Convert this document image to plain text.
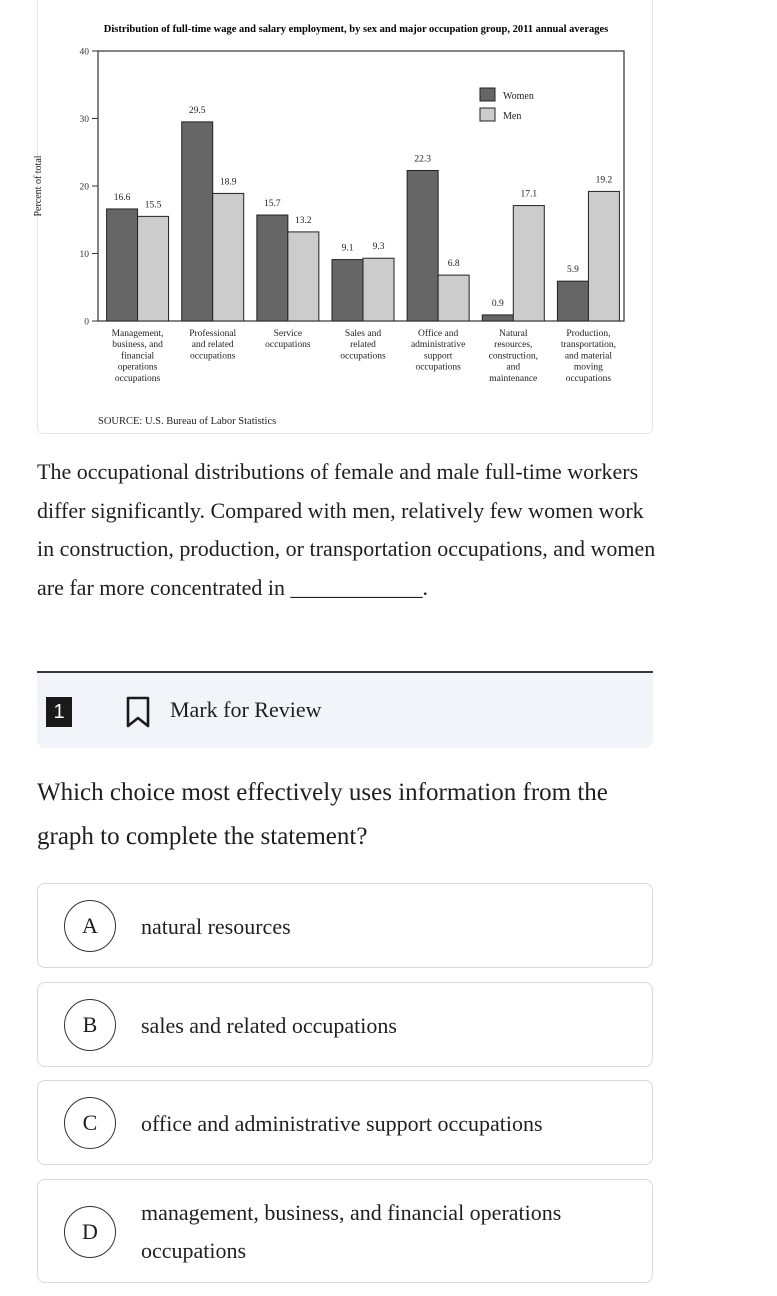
Distribution of full-time wage and salary employment, by sex and major occupation group, 2011 annual averages
0
10
20
30
40
Percent of total	16.6
29.5
15.7
9.1
22.3
0.9
5.9
15.5
18.9
13.2
9.3
6.8
17.1
19.2
Management,
business, and
financial
operations
occupations
Professional
and related
occupations
Service
occupations
Sales and
related
occupations
Office and
administrative
support
occupations
Natural
resources,
construction,
and
maintenance
Production,
transportation,
and material
moving
occupations
Women
Men
SOURCE: U.S. Bureau of Labor Statistics
The occupational distributions of female and male full-time workers differ significantly. Compared with men, relatively few women work in construction, production, or transportation occupations, and women are far more concentrated in ____________.
1	Mark for Review
Which choice most effectively uses information from the graph to complete the statement?
A	natural resources
B	sales and related occupations
C	office and administrative support occupations
D
management, business, and financial operations occupations
